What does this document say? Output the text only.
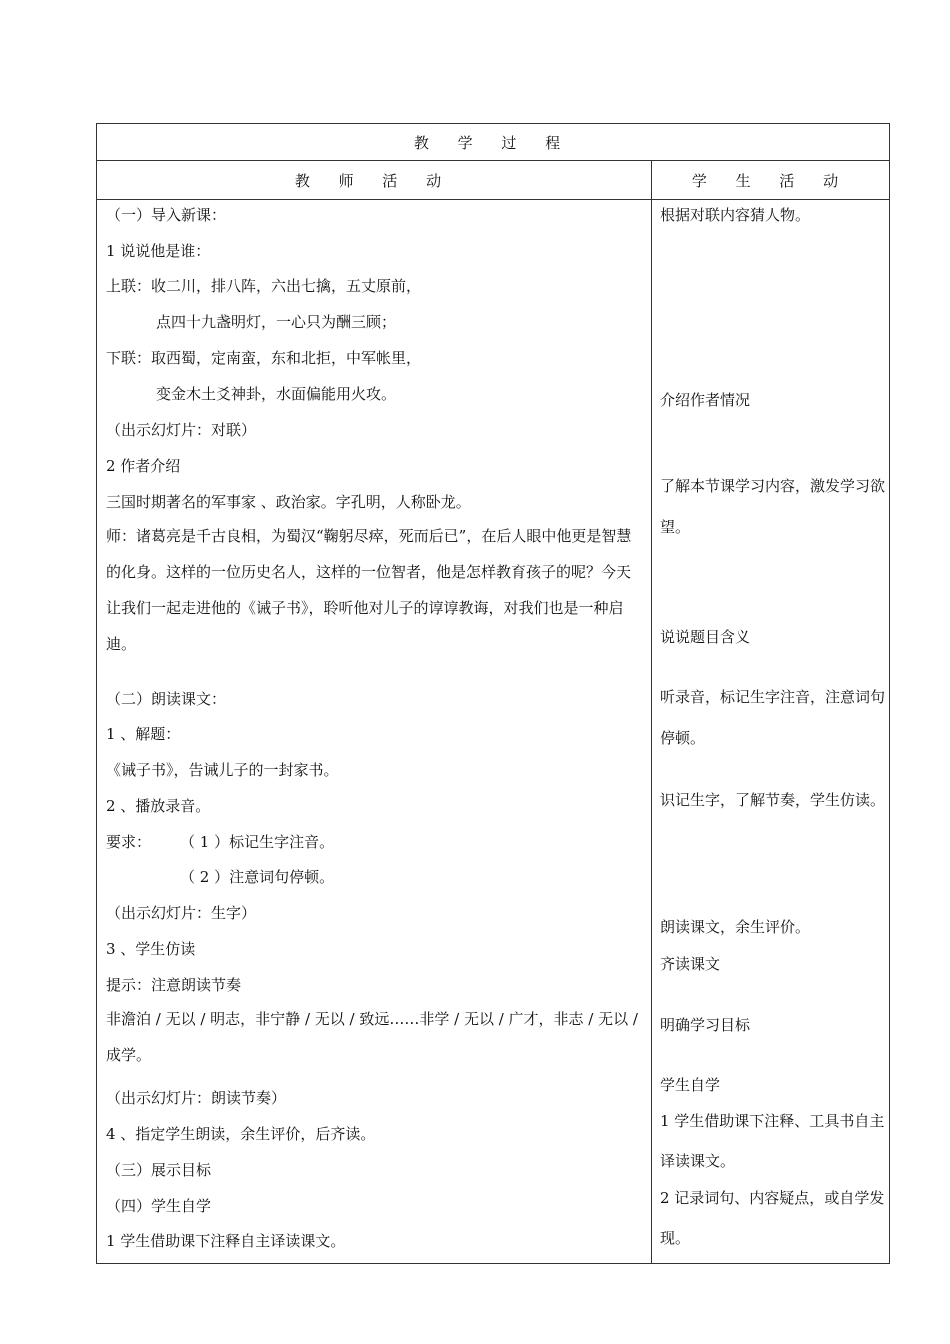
教 学 过 程
教 师 活 动	学 生 活 动
（一）导入新课：
1 说说他是谁：
上联：收二川，排八阵，六出七擒，五丈原前，
点四十九盏明灯，一心只为酬三顾；
下联：取西蜀，定南蛮，东和北拒，中军帐里，
变金木土爻神卦，水面偏能用火攻。
（出示幻灯片：对联）
2 作者介绍
三国时期著名的军事家 、政治家。字孔明，人称卧龙。
师：诸葛亮是千古良相，为蜀汉“鞠躬尽瘁，死而后已”，在后人眼中他更是智慧的化身。这样的一位历史名人，这样的一位智者，他是怎样教育孩子的呢？今天让我们一起走进他的《诫子书》，聆听他对儿子的谆谆教诲，对我们也是一种启迪。
（二）朗读课文：
1 、解题：
《诫子书》，告诫儿子的一封家书。
2 、播放录音。
要求： （ 1 ）标记生字注音。
（ 2 ）注意词句停顿。
（出示幻灯片：生字）
3 、学生仿读
提示：注意朗读节奏
非澹泊 / 无以 / 明志，非宁静 / 无以 / 致远……非学 / 无以 / 广才，非志 / 无以 / 成学。
（出示幻灯片：朗读节奏）
4 、指定学生朗读，余生评价，后齐读。
（三）展示目标
（四）学生自学
1 学生借助课下注释自主译读课文。
根据对联内容猜人物。
介绍作者情况
了解本节课学习内容，激发学习欲望。
说说题目含义
听录音，标记生字注音，注意词句停顿。
识记生字，了解节奏，学生仿读。
朗读课文，余生评价。
齐读课文
明确学习目标
学生自学
1 学生借助课下注释、工具书自主译读课文。
2 记录词句、内容疑点，或自学发现。
